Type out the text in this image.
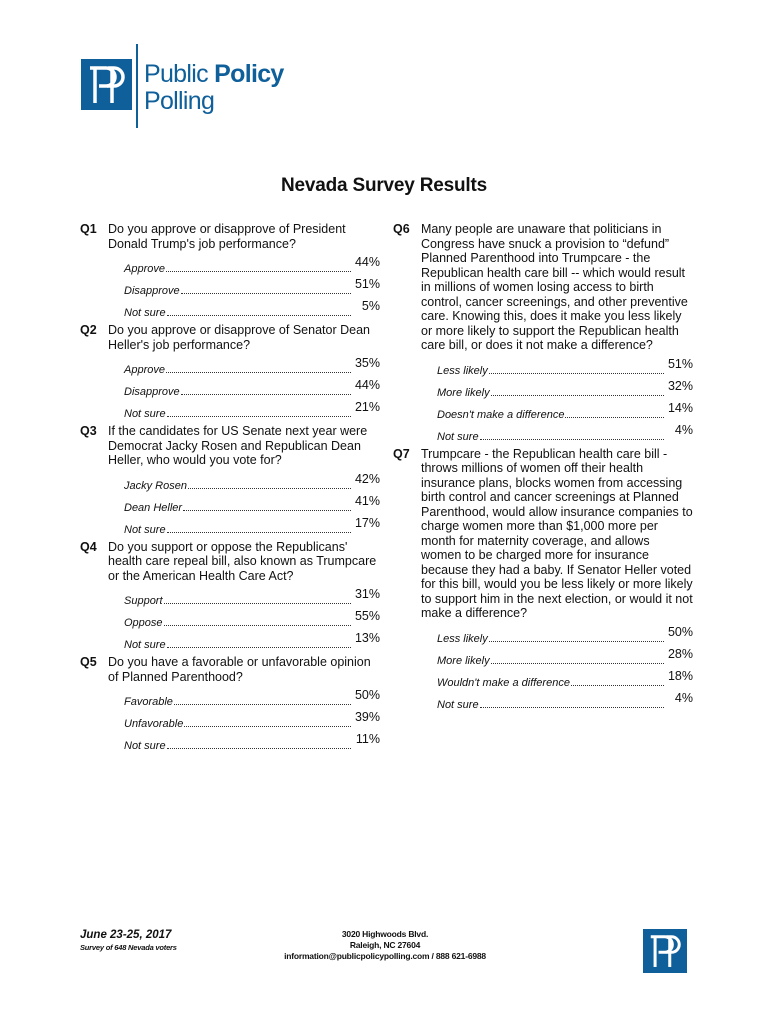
Public Policy
Polling
Nevada Survey Results
Q1 Do you approve or disapprove of President Donald Trump's job performance?
Approve	44%
Disapprove	51%
Not sure	5%
Q2 Do you approve or disapprove of Senator Dean Heller's job performance?
Approve	35%
Disapprove	44%
Not sure	21%
Q3 If the candidates for US Senate next year were Democrat Jacky Rosen and Republican Dean Heller, who would you vote for?
Jacky Rosen	42%
Dean Heller	41%
Not sure	17%
Q4 Do you support or oppose the Republicans' health care repeal bill, also known as Trumpcare or the American Health Care Act?
Support	31%
Oppose	55%
Not sure	13%
Q5 Do you have a favorable or unfavorable opinion of Planned Parenthood?
Favorable	50%
Unfavorable	39%
Not sure	11%
Q6 Many people are unaware that politicians in Congress have snuck a provision to “defund” Planned Parenthood into Trumpcare - the Republican health care bill -- which would result in millions of women losing access to birth control, cancer screenings, and other preventive care. Knowing this, does it make you less likely or more likely to support the Republican health care bill, or does it not make a difference?
Less likely	51%
More likely	32%
Doesn't make a difference	14%
Not sure	4%
Q7 Trumpcare - the Republican health care bill - throws millions of women off their health insurance plans, blocks women from accessing birth control and cancer screenings at Planned Parenthood, would allow insurance companies to charge women more than $1,000 more per month for maternity coverage, and allows women to be charged more for insurance because they had a baby. If Senator Heller voted for this bill, would you be less likely or more likely to support him in the next election, or would it not make a difference?
Less likely	50%
More likely	28%
Wouldn't make a difference	18%
Not sure	4%
June 23-25, 2017
Survey of 648 Nevada voters
3020 Highwoods Blvd.
Raleigh, NC 27604
information@publicpolicypolling.com / 888 621-6988
